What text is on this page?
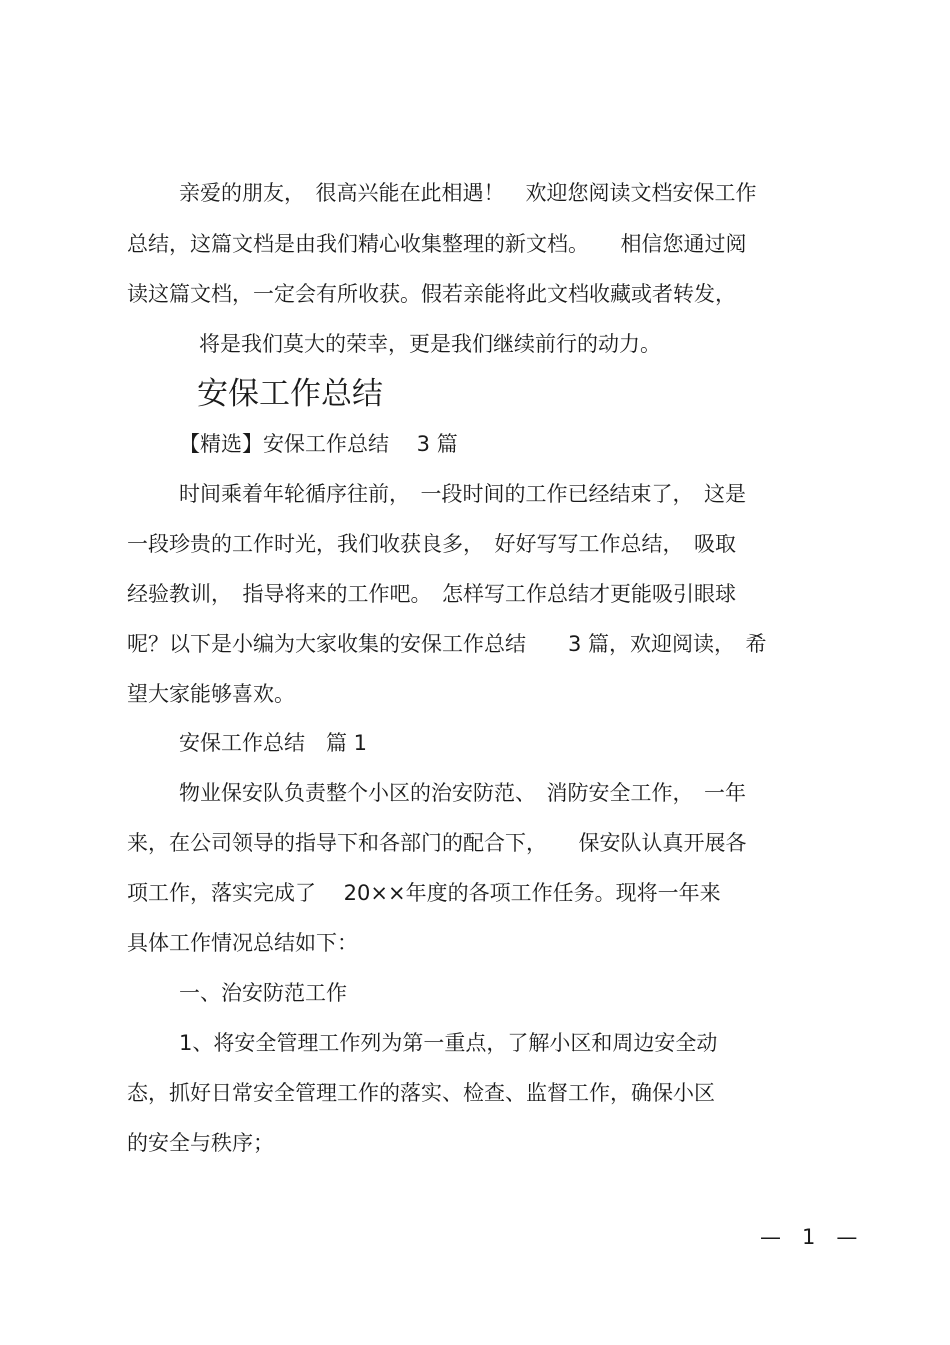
亲爱的朋友，　很高兴能在此相遇！　欢迎您阅读文档安保工作
总结，这篇文档是由我们精心收集整理的新文档。　　相信您通过阅
读这篇文档，一定会有所收获。假若亲能将此文档收藏或者转发，
将是我们莫大的荣幸，更是我们继续前行的动力。
安保工作总结
【精选】安保工作总结　 3 篇
时间乘着年轮循序往前，　一段时间的工作已经结束了，　这是
一段珍贵的工作时光，我们收获良多，　好好写写工作总结，　吸取
经验教训，　指导将来的工作吧。　怎样写工作总结才更能吸引眼球
呢？以下是小编为大家收集的安保工作总结　　3 篇，欢迎阅读，　希
望大家能够喜欢。
安保工作总结　篇 1
物业保安队负责整个小区的治安防范、　消防安全工作，　一年
来，在公司领导的指导下和各部门的配合下，　　保安队认真开展各
项工作，落实完成了　 20××年度的各项工作任务。现将一年来
具体工作情况总结如下：
一、治安防范工作
1、将安全管理工作列为第一重点，了解小区和周边安全动
态，抓好日常安全管理工作的落实、检查、监督工作，确保小区
的安全与秩序；
—　1　—
